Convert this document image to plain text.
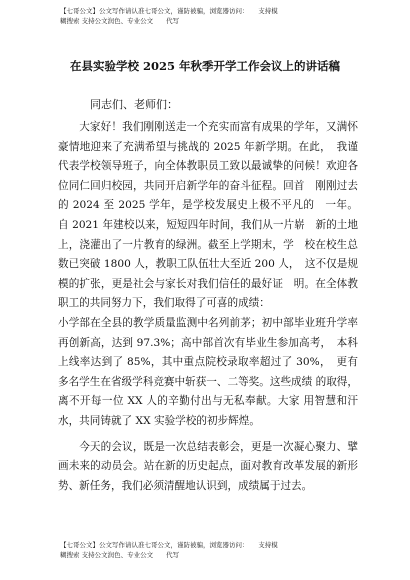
【七哥公文】公文写作请认准七哥公文，谨防被骗，浏览器访问：　　支持模
糊搜索 支持公文润色、专业公文　　代写
在县实验学校 2025 年秋季开学工作会议上的讲话稿
同志们、老师们：

大家好！我们刚刚送走一个充实而富有成果的学年，又满怀豪情地迎来了充满希望与挑战的 2025 年新学期。在此，　我谨代表学校领导班子，向全体教职员工致以最诚挚的问候！欢迎各位同仁回归校园，共同开启新学年的奋斗征程。回首　刚刚过去的 2024 至 2025 学年，是学校发展史上极不平凡的　一年。 自 2021 年建校以来，短短四年时间，我们从一片崭　新的土地上，浇灌出了一片教育的绿洲。截至上学期末，学　校在校生总数已突破 1800 人，教职工队伍壮大至近 200 人，　这不仅是规模的扩张，更是社会与家长对我们信任的最好证　明。在全体教职工的共同努力下，我们取得了可喜的成绩：

小学部在全县的教学质量监测中名列前茅；初中部毕业班升学率再创新高，达到 97.3%；高中部首次有毕业生参加高考，　本科上线率达到了 85%，其中重点院校录取率超过了 30%，　更有多名学生在省级学科竞赛中斩获一、二等奖。这些成绩 的取得，离不开每一位 XX 人的辛勤付出与无私奉献。大家 用智慧和汗水，共同铸就了 XX 实验学校的初步辉煌。

今天的会议，既是一次总结表彰会，更是一次凝心聚力、擘画未来的动员会。站在新的历史起点，面对教育改革发展的新形势、新任务，我们必须清醒地认识到，成绩属于过去。

【七哥公文】公文写作请认准七哥公文，谨防被骗，浏览器访问：　　支持模
糊搜索 支持公文润色、专业公文　　代写
